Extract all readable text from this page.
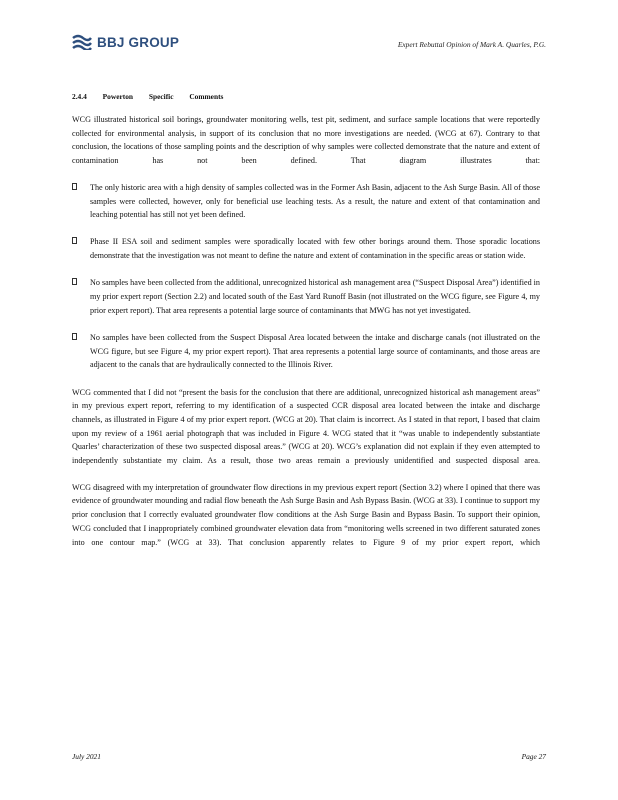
BBJ GROUP	Expert Rebuttal Opinion of Mark A. Quarles, P.G.
2.4.4 Powerton Specific Comments

WCG illustrated historical soil borings, groundwater monitoring wells, test pit, sediment, and surface sample locations that were reportedly collected for environmental analysis, in support of its conclusion that no more investigations are needed. (WCG at 67). Contrary to that conclusion, the locations of those sampling points and the description of why samples were collected demonstrate that the nature and extent of contamination has not been defined. That diagram illustrates that:

The only historic area with a high density of samples collected was in the Former Ash Basin, adjacent to the Ash Surge Basin. All of those samples were collected, however, only for beneficial use leaching tests. As a result, the nature and extent of that contamination and leaching potential has still not yet been defined.
Phase II ESA soil and sediment samples were sporadically located with few other borings around them. Those sporadic locations demonstrate that the investigation was not meant to define the nature and extent of contamination in the specific areas or station wide.
No samples have been collected from the additional, unrecognized historical ash management area (“Suspect Disposal Area”) identified in my prior expert report (Section 2.2) and located south of the East Yard Runoff Basin (not illustrated on the WCG figure, see Figure 4, my prior expert report). That area represents a potential large source of contaminants that MWG has not yet investigated.
No samples have been collected from the Suspect Disposal Area located between the intake and discharge canals (not illustrated on the WCG figure, but see Figure 4, my prior expert report). That area represents a potential large source of contaminants, and those areas are adjacent to the canals that are hydraulically connected to the Illinois River.

WCG commented that I did not “present the basis for the conclusion that there are additional, unrecognized historical ash management areas” in my previous expert report, referring to my identification of a suspected CCR disposal area located between the intake and discharge channels, as illustrated in Figure 4 of my prior expert report. (WCG at 20). That claim is incorrect. As I stated in that report, I based that claim upon my review of a 1961 aerial photograph that was included in Figure 4. WCG stated that it “was unable to independently substantiate Quarles’ characterization of these two suspected disposal areas.” (WCG at 20). WCG’s explanation did not explain if they even attempted to independently substantiate my claim. As a result, those two areas remain a previously unidentified and suspected disposal area.

WCG disagreed with my interpretation of groundwater flow directions in my previous expert report (Section 3.2) where I opined that there was evidence of groundwater mounding and radial flow beneath the Ash Surge Basin and Ash Bypass Basin. (WCG at 33). I continue to support my prior conclusion that I correctly evaluated groundwater flow conditions at the Ash Surge Basin and Bypass Basin. To support their opinion, WCG concluded that I inappropriately combined groundwater elevation data from “monitoring wells screened in two different saturated zones into one contour map.” (WCG at 33). That conclusion apparently relates to Figure 9 of my prior expert report, which

July 2021	Page 27
